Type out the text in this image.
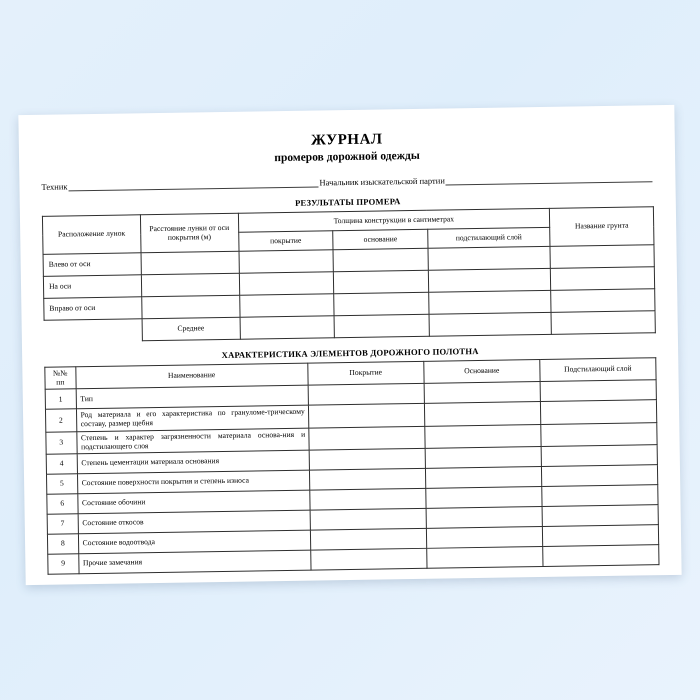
ЖУРНАЛ
промеров дорожной одежды
Техник	Начальник изыскательской партии
РЕЗУЛЬТАТЫ ПРОМЕРА
Расположение лунок	Расстояние лунки от оси покрытия (м)	Толщина конструкции в сантиметрах			Название грунта
		покрытие	основание	подстилающий слой	
Влево от оси					
На оси					
Вправо от оси					
	Среднее				
ХАРАКТЕРИСТИКА ЭЛЕМЕНТОВ ДОРОЖНОГО ПОЛОТНА
№№ пп	Наименование	Покрытие	Основание	Подстилающий слой
1	Тип			
2	Род материала и его характеристика по грануломе-трическому составу, размер щебня			
3	Степень и характер загрязненности материала основа-ния и подстилающего слоя			
4	Степень цементации материала основания			
5	Состояние поверхности покрытия и степень износа			
6	Состояние обочини			
7	Состояние откосов			
8	Состояние водоотвода			
9	Прочие замечания			
